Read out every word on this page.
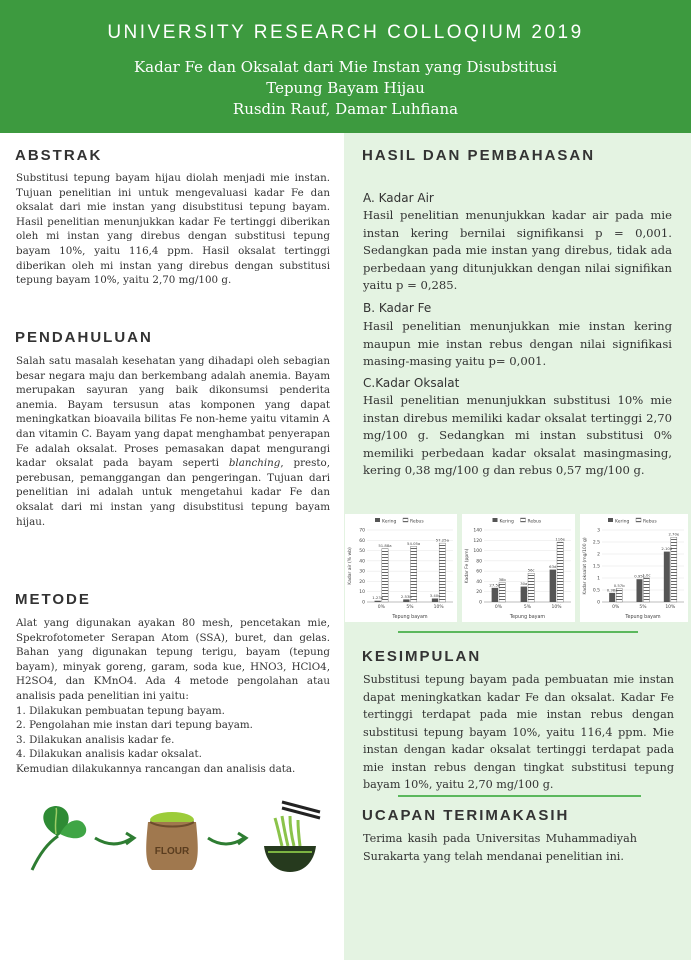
UNIVERSITY RESEARCH COLLOQIUM 2019
Kadar Fe dan Oksalat dari Mie Instan yang Disubstitusi
Tepung Bayam Hijau
Rusdin Rauf, Damar Luhfiana
ABSTRAK
Substitusi tepung bayam hijau diolah menjadi mie instan. Tujuan penelitian ini untuk mengevaluasi kadar Fe dan oksalat dari mie instan yang disubstitusi tepung bayam. Hasil penelitian menunjukkan kadar Fe tertinggi diberikan oleh mi instan yang direbus dengan substitusi tepung bayam 10%, yaitu 116,4 ppm. Hasil oksalat tertinggi diberikan oleh mi instan yang direbus dengan substitusi tepung bayam 10%, yaitu 2,70 mg/100 g.
PENDAHULUAN
Salah satu masalah kesehatan yang dihadapi oleh sebagian besar negara maju dan berkembang adalah anemia. Bayam merupakan sayuran yang baik dikonsumsi penderita anemia. Bayam tersusun atas komponen yang dapat meningkatkan bioavaila bilitas Fe non-heme yaitu vitamin A dan vitamin C. Bayam yang dapat menghambat penyerapan Fe adalah oksalat. Proses pemasakan dapat mengurangi kadar oksalat pada bayam seperti blanching, presto, perebusan, pemanggangan dan pengeringan. Tujuan dari penelitian ini adalah untuk mengetahui kadar Fe dan oksalat dari mi instan yang disubstitusi tepung bayam hijau.
METODE
Alat yang digunakan ayakan 80 mesh, pencetakan mie, Spekrofotometer Serapan Atom (SSA), buret, dan gelas. Bahan yang digunakan tepung terigu, bayam (tepung bayam), minyak goreng, garam, soda kue, HNO3, HClO4, H2SO4, dan KMnO4. Ada 4 metode pengolahan atau analisis pada penelitian ini yaitu:
1. Dilakukan pembuatan tepung bayam.
2. Pengolahan mie instan dari tepung bayam.
3. Dilakukan analisis kadar fe.
4. Dilakukan analisis kadar oksalat.
Kemudian dilakukannya rancangan dan analisis data.
FLOUR
HASIL DAN PEMBAHASAN
A. Kadar Air
Hasil penelitian menunjukkan kadar air pada mie instan kering bernilai signifikansi p = 0,001. Sedangkan pada mie instan yang direbus, tidak ada perbedaan yang ditunjukkan dengan nilai signifikan yaitu p = 0,285.
B. Kadar Fe
Hasil penelitian menunjukkan mie instan kering maupun mie instan rebus dengan nilai signifikasi masing-masing yaitu p= 0,001.
C.Kadar Oksalat
Hasil penelitian menunjukkan substitusi 10% mie instan direbus memiliki kadar oksalat tertinggi 2,70 mg/100 g. Sedangkan mi instan substitusi 0% memiliki perbedaan kadar oksalat masingmasing, kering 0,38 mg/100 g dan rebus 0,57 mg/100 g.
Kering	Rebus
0
10
20
30
40
50
60
70
Kadar air (% wb)
1.23a
51.88a
0%
2.53b
54.05a
5%
3.40c
57.25a
10%
Tepung bayam
Kering	Rebus
0
20
40
60
80
100
120
140
Kadar Fe (ppm)
27.5a
38b
0%
30a
56c
5%
63d
116e
10%
Tepung bayam
Kering	Rebus
0
0.5
1
1.5
2
2.5
3
Kadar oksalat (mg/100 g)	0.38a
0.57b
0%
0.95c
1.0c
5%
2.10d
2.70e
10%
Tepung bayam
KESIMPULAN
Substitusi tepung bayam pada pembuatan mie instan dapat meningkatkan kadar Fe dan oksalat. Kadar Fe tertinggi terdapat pada mie instan rebus dengan substitusi tepung bayam 10%, yaitu 116,4 ppm. Mie instan dengan kadar oksalat tertinggi terdapat pada mie instan rebus dengan tingkat substitusi tepung bayam 10%, yaitu 2,70 mg/100 g.
UCAPAN TERIMAKASIH
Terima kasih pada Universitas Muhammadiyah Surakarta yang telah mendanai penelitian ini.
